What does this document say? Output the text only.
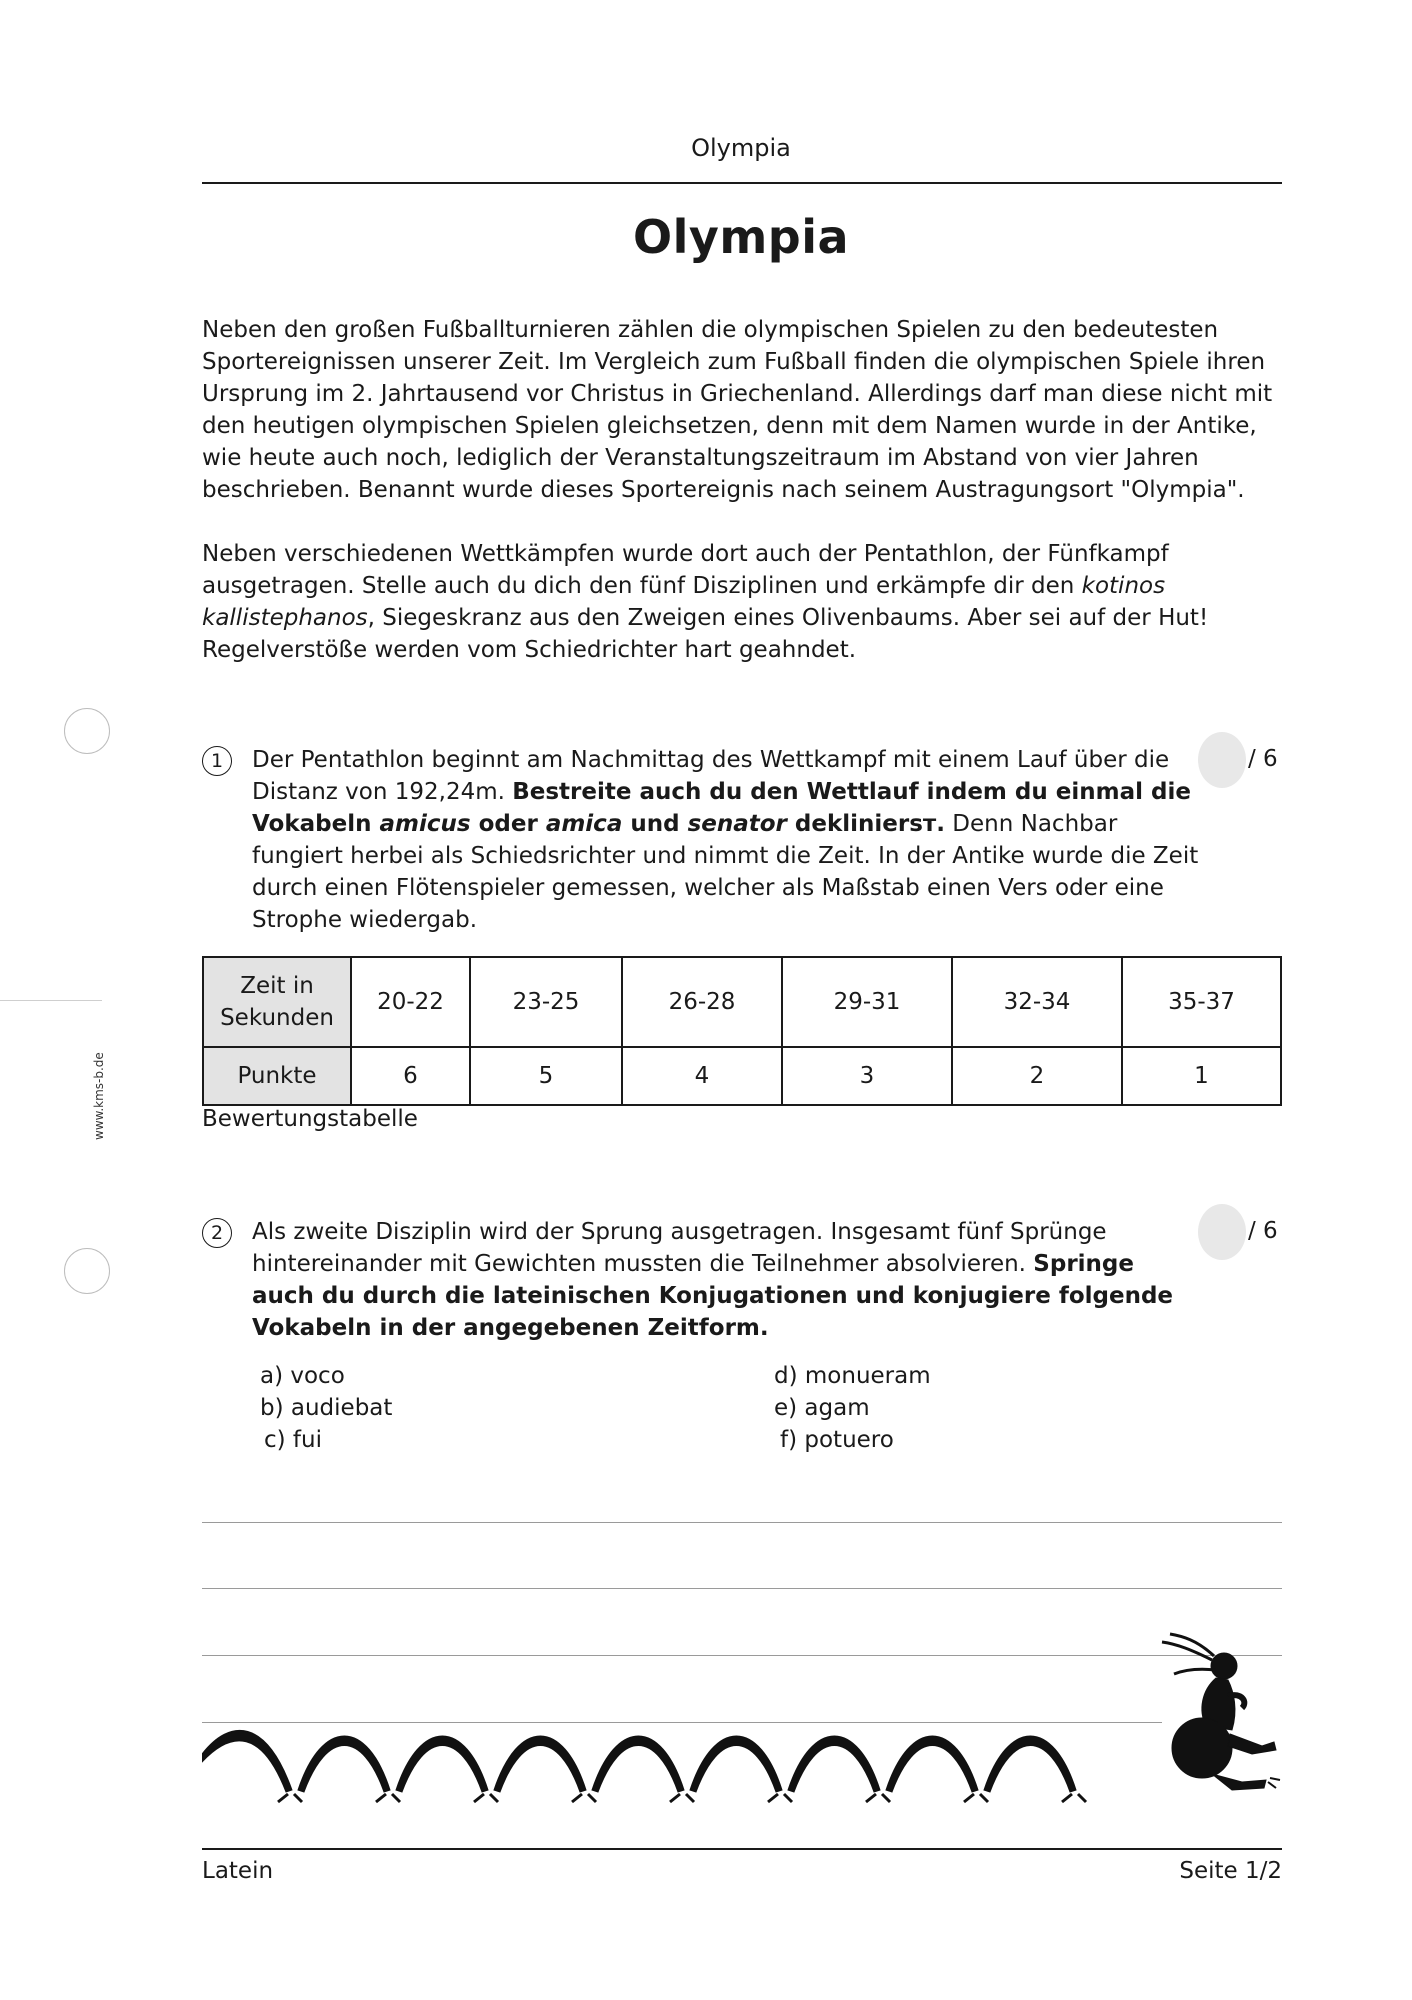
Olympia
Olympia

Neben den großen Fußballturnieren zählen die olympischen Spielen zu den bedeutesten Sportereignissen unserer Zeit. Im Vergleich zum Fußball finden die olympischen Spiele ihren Ursprung im 2. Jahrtausend vor Christus in Griechenland. Allerdings darf man diese nicht mit den heutigen olympischen Spielen gleichsetzen, denn mit dem Namen wurde in der Antike, wie heute auch noch, lediglich der Veranstaltungszeitraum im Abstand von vier Jahren beschrieben. Benannt wurde dieses Sportereignis nach seinem Austragungsort "Olympia".

Neben verschiedenen Wettkämpfen wurde dort auch der Pentathlon, der Fünfkampf ausgetragen. Stelle auch du dich den fünf Disziplinen und erkämpfe dir den kotinos kallistephanos, Siegeskranz aus den Zweigen eines Olivenbaums. Aber sei auf der Hut! Regelverstöße werden vom Schiedrichter hart geahndet.

www.kms-b.de
1	Der Pentathlon beginnt am Nachmittag des Wettkampf mit einem Lauf über die Distanz von 192,24m. Bestreite auch du den Wettlauf indem du einmal die Vokabeln amicus oder amica und senator dekliniersт. Denn Nachbar fungiert herbei als Schiedsrichter und nimmt die Zeit. In der Antike wurde die Zeit durch einen Flötenspieler gemessen, welcher als Maßstab einen Vers oder eine Strophe wiedergab.
/ 6
Zeit in Sekunden	20-22	23-25	26-28	29-31	32-34	35-37
Punkte	6	5	4	3	2	1
Bewertungstabelle
2	Als zweite Disziplin wird der Sprung ausgetragen. Insgesamt fünf Sprünge hintereinander mit Gewichten mussten die Teilnehmer absolvieren. Springe auch du durch die lateinischen Konjugationen und konjugiere folgende Vokabeln in der angegebenen Zeitform.
/ 6
a) voco
b) audiebat
c) fui
d) monueram
e) agam
f) potuero
Latein	Seite 1/2
